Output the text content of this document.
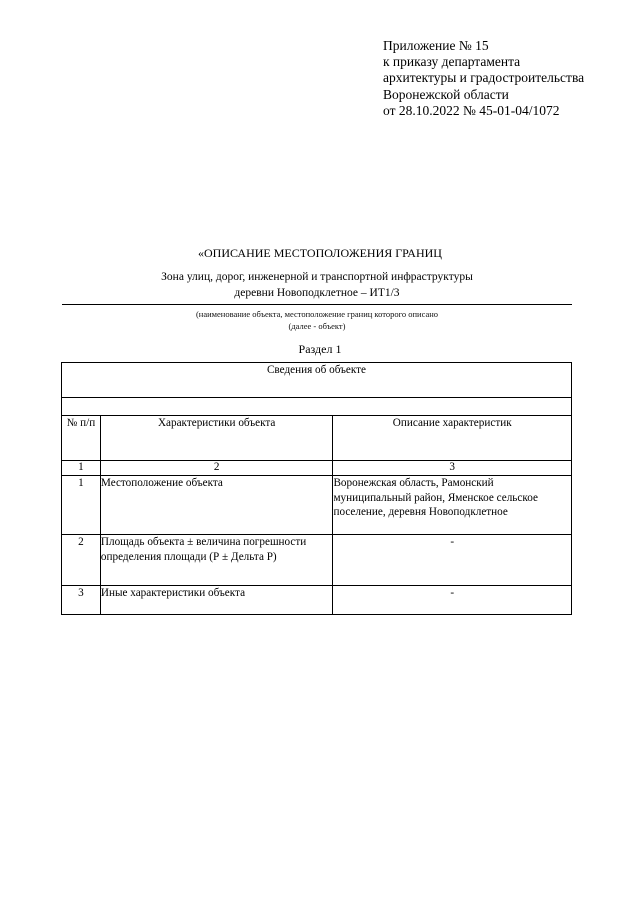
Приложение № 15
к приказу департамента
архитектуры и градостроительства
Воронежской области
от 28.10.2022 № 45-01-04/1072
«ОПИСАНИЕ МЕСТОПОЛОЖЕНИЯ ГРАНИЦ
Зона улиц, дорог, инженерной и транспортной инфраструктуры
деревни Новоподклетное – ИТ1/3
(наименование объекта, местоположение границ которого описано
(далее - объект)
Раздел 1
Сведения об объекте		

№ п/п	Характеристики объекта	Описание характеристик
1	2	3
1	Местоположение объекта	Воронежская область, Рамонский муниципальный район, Яменское сельское поселение, деревня Новоподклетное
2	Площадь объекта ± величина погрешности определения площади (Р ± Дельта Р)	-
3	Иные характеристики объекта	-
